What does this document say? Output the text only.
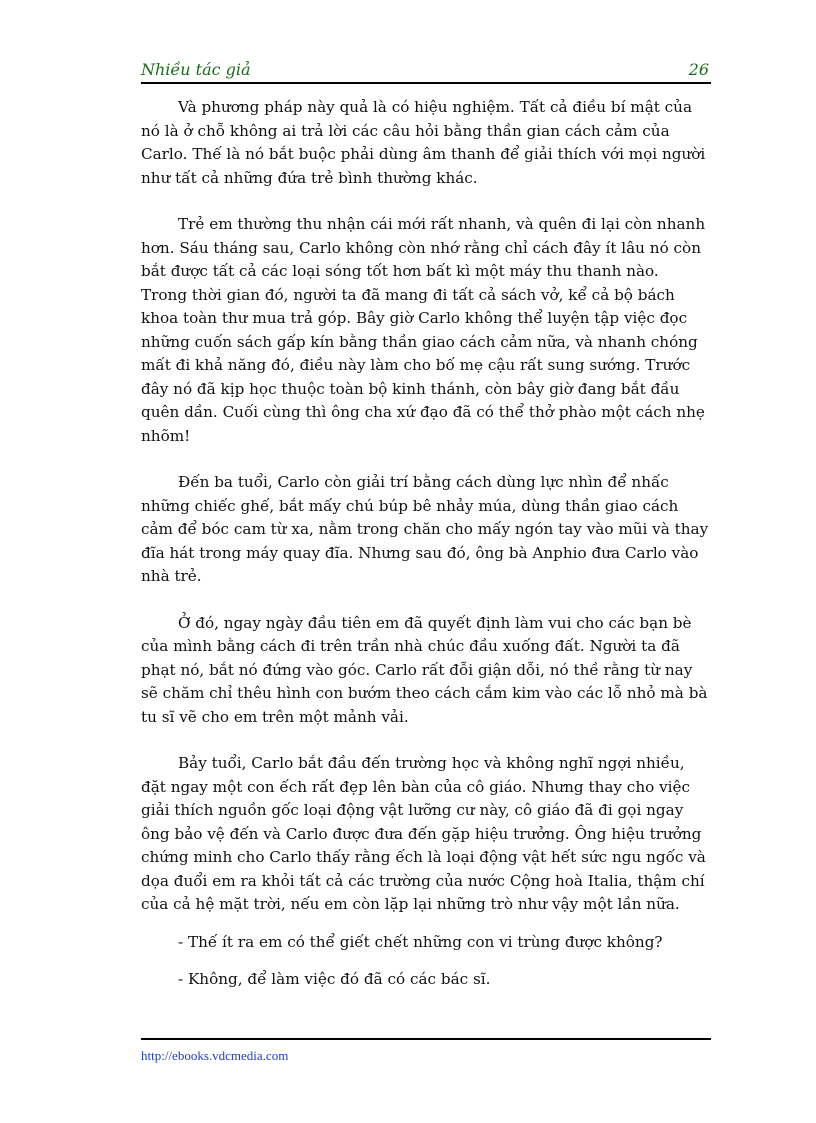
Nhiều tác giả	26

Và phương pháp này quả là có hiệu nghiệm. Tất cả điều bí mật của nó là ở chỗ không ai trả lời các câu hỏi bằng thần gian cách cảm của Carlo. Thế là nó bắt buộc phải dùng âm thanh để giải thích với mọi người như tất cả những đứa trẻ bình thường khác.

Trẻ em thường thu nhận cái mới rất nhanh, và quên đi lại còn nhanh hơn. Sáu tháng sau, Carlo không còn nhớ rằng chỉ cách đây ít lâu nó còn bắt được tất cả các loại sóng tốt hơn bất kì một máy thu thanh nào. Trong thời gian đó, người ta đã mang đi tất cả sách vở, kể cả bộ bách khoa toàn thư mua trả góp. Bây giờ Carlo không thể luyện tập việc đọc những cuốn sách gấp kín bằng thần giao cách cảm nữa, và nhanh chóng mất đi khả năng đó, điều này làm cho bố mẹ cậu rất sung sướng. Trước đây nó đã kịp học thuộc toàn bộ kinh thánh, còn bây giờ đang bắt đầu quên dần. Cuối cùng thì ông cha xứ đạo đã có thể thở phào một cách nhẹ nhõm!

Đến ba tuổi, Carlo còn giải trí bằng cách dùng lực nhìn để nhấc những chiếc ghế, bắt mấy chú búp bê nhảy múa, dùng thần giao cách cảm để bóc cam từ xa, nằm trong chăn cho mấy ngón tay vào mũi và thay đĩa hát trong máy quay đĩa. Nhưng sau đó, ông bà Anphio đưa Carlo vào nhà trẻ.

Ở đó, ngay ngày đầu tiên em đã quyết định làm vui cho các bạn bè của mình bằng cách đi trên trần nhà chúc đầu xuống đất. Người ta đã phạt nó, bắt nó đứng vào góc. Carlo rất đỗi giận dỗi, nó thề rằng từ nay sẽ chăm chỉ thêu hình con bướm theo cách cắm kim vào các lỗ nhỏ mà bà tu sĩ vẽ cho em trên một mảnh vải.

Bảy tuổi, Carlo bắt đầu đến trường học và không nghĩ ngợi nhiều, đặt ngay một con ếch rất đẹp lên bàn của cô giáo. Nhưng thay cho việc giải thích nguồn gốc loại động vật lưỡng cư này, cô giáo đã đi gọi ngay ông bảo vệ đến và Carlo được đưa đến gặp hiệu trưởng. Ông hiệu trưởng chứng minh cho Carlo thấy rằng ếch là loại động vật hết sức ngu ngốc và dọa đuổi em ra khỏi tất cả các trường của nước Cộng hoà Italia, thậm chí của cả hệ mặt trời, nếu em còn lặp lại những trò như vậy một lần nữa.

- Thế ít ra em có thể giết chết những con vi trùng được không?

- Không, để làm việc đó đã có các bác sĩ.

http://ebooks.vdcmedia.com
